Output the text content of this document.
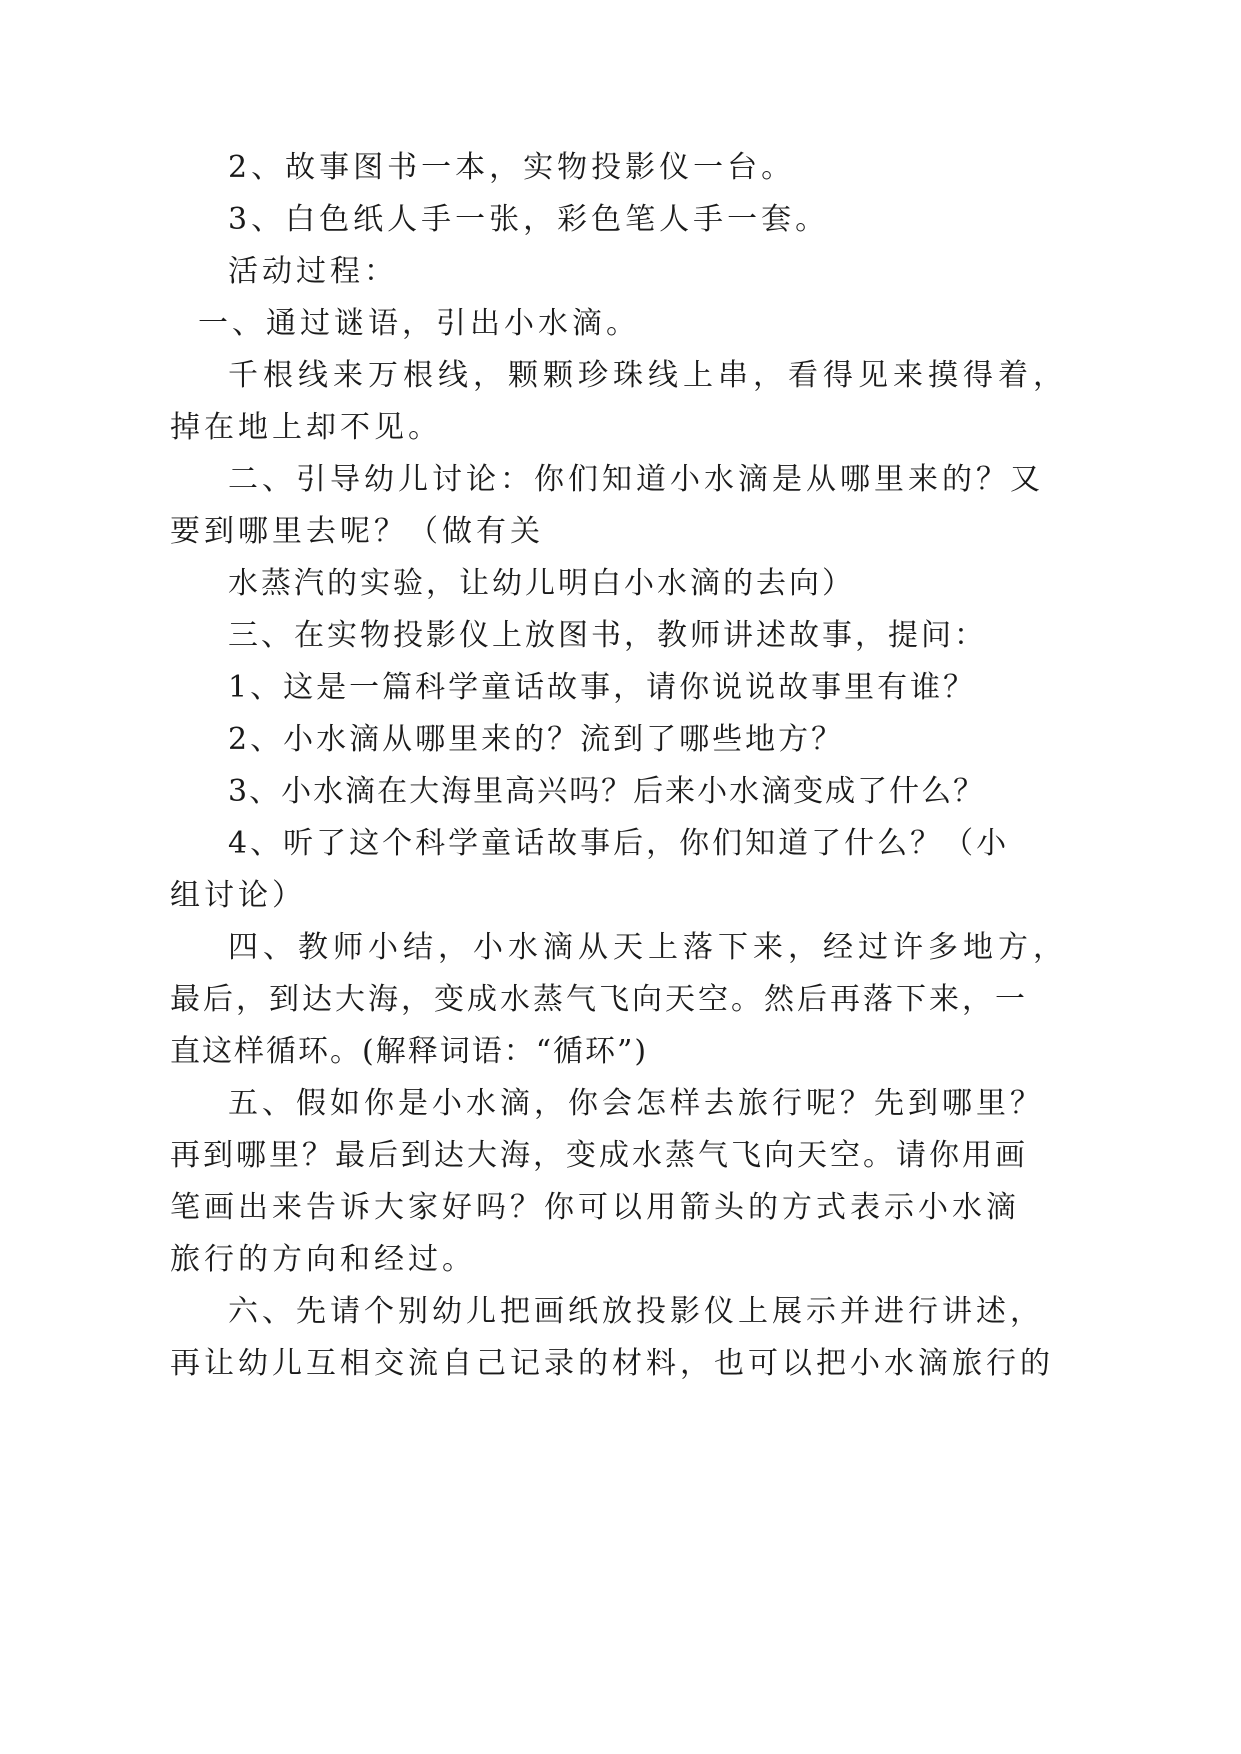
2、故事图书一本，实物投影仪一台。
3、白色纸人手一张，彩色笔人手一套。
活动过程：
一、通过谜语，引出小水滴。
千根线来万根线，颗颗珍珠线上串，看得见来摸得着，
掉在地上却不见。
二、引导幼儿讨论：你们知道小水滴是从哪里来的？又
要到哪里去呢？（做有关
水蒸汽的实验，让幼儿明白小水滴的去向）
三、在实物投影仪上放图书，教师讲述故事，提问：
1、这是一篇科学童话故事，请你说说故事里有谁？
2、小水滴从哪里来的？流到了哪些地方？
3、小水滴在大海里高兴吗？后来小水滴变成了什么？
4、听了这个科学童话故事后，你们知道了什么？（小
组讨论）
四、教师小结，小水滴从天上落下来，经过许多地方，
最后，到达大海，变成水蒸气飞向天空。然后再落下来，一
直这样循环。(解释词语：“循环”)
五、假如你是小水滴，你会怎样去旅行呢？先到哪里？
再到哪里？最后到达大海，变成水蒸气飞向天空。请你用画
笔画出来告诉大家好吗？你可以用箭头的方式表示小水滴
旅行的方向和经过。
六、先请个别幼儿把画纸放投影仪上展示并进行讲述，
再让幼儿互相交流自己记录的材料，也可以把小水滴旅行的
